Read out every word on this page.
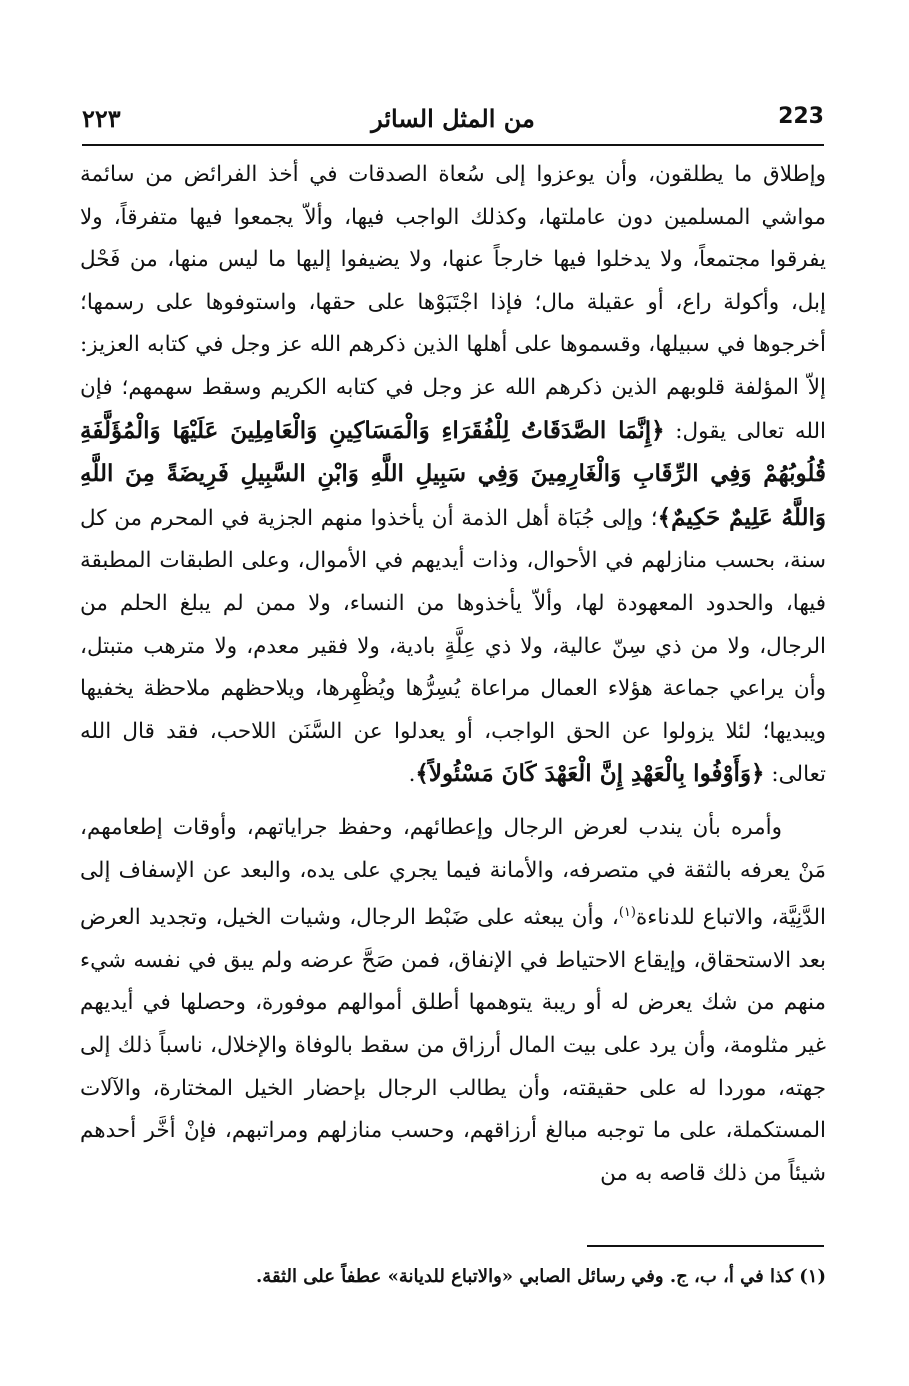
223
من المثل السائر
٢٢٣

وإطلاق ما يطلقون، وأن يوعزوا إلى سُعاة الصدقات في أخذ الفرائض من سائمة مواشي المسلمين دون عاملتها، وكذلك الواجب فيها، وألاّ يجمعوا فيها متفرقاً، ولا يفرقوا مجتمعاً، ولا يدخلوا فيها خارجاً عنها، ولا يضيفوا إليها ما ليس منها، من فَحْل إبل، وأكولة راع، أو عقيلة مال؛ فإذا اجْتَبَوْها على حقها، واستوفوها على رسمها؛ أخرجوها في سبيلها، وقسموها على أهلها الذين ذكرهم الله عز وجل في كتابه العزيز: إلاّ المؤلفة قلوبهم الذين ذكرهم الله عز وجل في كتابه الكريم وسقط سهمهم؛ فإن الله تعالى يقول: ﴿إِنَّمَا الصَّدَقَاتُ لِلْفُقَرَاءِ وَالْمَسَاكِينِ وَالْعَامِلِينَ عَلَيْهَا وَالْمُؤَلَّفَةِ قُلُوبُهُمْ وَفِي الرِّقَابِ وَالْغَارِمِينَ وَفِي سَبِيلِ اللَّهِ وَابْنِ السَّبِيلِ فَرِيضَةً مِنَ اللَّهِ وَاللَّهُ عَلِيمٌ حَكِيمٌ﴾؛ وإلى جُبَاة أهل الذمة أن يأخذوا منهم الجزية في المحرم من كل سنة، بحسب منازلهم في الأحوال، وذات أيديهم في الأموال، وعلى الطبقات المطبقة فيها، والحدود المعهودة لها، وألاّ يأخذوها من النساء، ولا ممن لم يبلغ الحلم من الرجال، ولا من ذي سِنّ عالية، ولا ذي عِلَّةٍ بادية، ولا فقير معدم، ولا مترهب متبتل، وأن يراعي جماعة هؤلاء العمال مراعاة يُسِرُّها ويُظْهِرها، ويلاحظهم ملاحظة يخفيها ويبديها؛ لئلا يزولوا عن الحق الواجب، أو يعدلوا عن السَّنَن اللاحب، فقد قال الله تعالى: ﴿وَأَوْفُوا بِالْعَهْدِ إِنَّ الْعَهْدَ كَانَ مَسْئُولاً﴾.

وأمره بأن يندب لعرض الرجال وإعطائهم، وحفظ جراياتهم، وأوقات إطعامهم، مَنْ يعرفه بالثقة في متصرفه، والأمانة فيما يجري على يده، والبعد عن الإسفاف إلى الدَّنِيَّة، والاتباع للدناءة$^{(١)}$، وأن يبعثه على ضَبْط الرجال، وشيات الخيل، وتجديد العرض بعد الاستحقاق، وإيقاع الاحتياط في الإنفاق، فمن صَحَّ عرضه ولم يبق في نفسه شيء منهم من شك يعرض له أو ريبة يتوهمها أطلق أموالهم موفورة، وحصلها في أيديهم غير مثلومة، وأن يرد على بيت المال أرزاق من سقط بالوفاة والإخلال، ناسباً ذلك إلى جهته، موردا له على حقيقته، وأن يطالب الرجال بإحضار الخيل المختارة، والآلات المستكملة، على ما توجبه مبالغ أرزاقهم، وحسب منازلهم ومراتبهم، فإنْ أخَّر أحدهم شيئاً من ذلك قاصه به من

(١) كذا في أ، ب، ج. وفي رسائل الصابي «والاتباع للديانة» عطفاً على الثقة.
